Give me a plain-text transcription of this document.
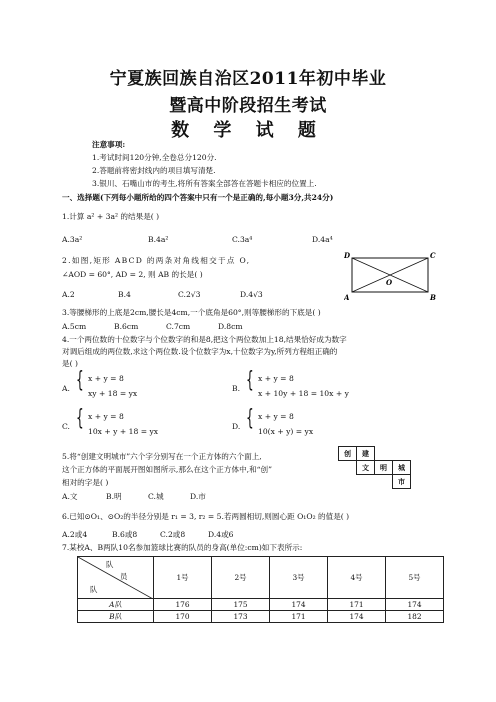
宁夏族回族自治区2011年初中毕业
暨高中阶段招生考试
数 学 试 题
注意事项:
1.考试时间120分钟,全卷总分120分.
2.答题前将密封线内的项目填写清楚.
3.银川、石嘴山市的考生,将所有答案全部答在答题卡相应的位置上.
一、选择题(下列每小题所给的四个答案中只有一个是正确的,每小题3分,共24分)
1.计算 a² + 3a² 的结果是( )
A.3a²	B.4a²	C.3a⁴	D.4a⁴
2.如图,矩形 ABCD 的两条对角线相交于点 O,
∠AOD = 60°, AD = 2, 则 AB 的长是( )
A.2	B.4	C.2√3	D.4√3
D	C
O
A	B
3.等腰梯形的上底是2cm,腰长是4cm,一个底角是60°,则等腰梯形的下底是( )
A.5cm	B.6cm	C.7cm	D.8cm
4.一个两位数的十位数字与个位数字的和是8,把这个两位数加上18,结果恰好成为数字
对调后组成的两位数,求这个两位数.设个位数字为x,十位数字为y,所列方程组正确的
是( )
A. { x + y = 8
xy + 18 = yx
B. { x + y = 8
x + 10y + 18 = 10x + y
C. { x + y = 8
10x + y + 18 = yx
D. { x + y = 8
10(x + y) = yx
5.将“创建文明城市”六个字分别写在一个正方体的六个面上,
这个正方体的平面展开图如图所示,那么在这个正方体中,和“创”
相对的字是( )
A.文	B.明	C.城	D.市
创	建		
	文	明	城
			市
6.已知⊙O₁、⊙O₂的半径分别是 r₁ = 3, r₂ = 5.若两圆相切,则圆心距 O₁O₂ 的值是( )
A.2或4	B.6或8	C.2或8	D.4或6
7.某校A、B两队10名参加篮球比赛的队员的身高(单位:cm)如下表所示:
队
员
队	1号	2号	3号	4号	5号
A队	176	175	174	171	174
B队	170	173	171	174	182
